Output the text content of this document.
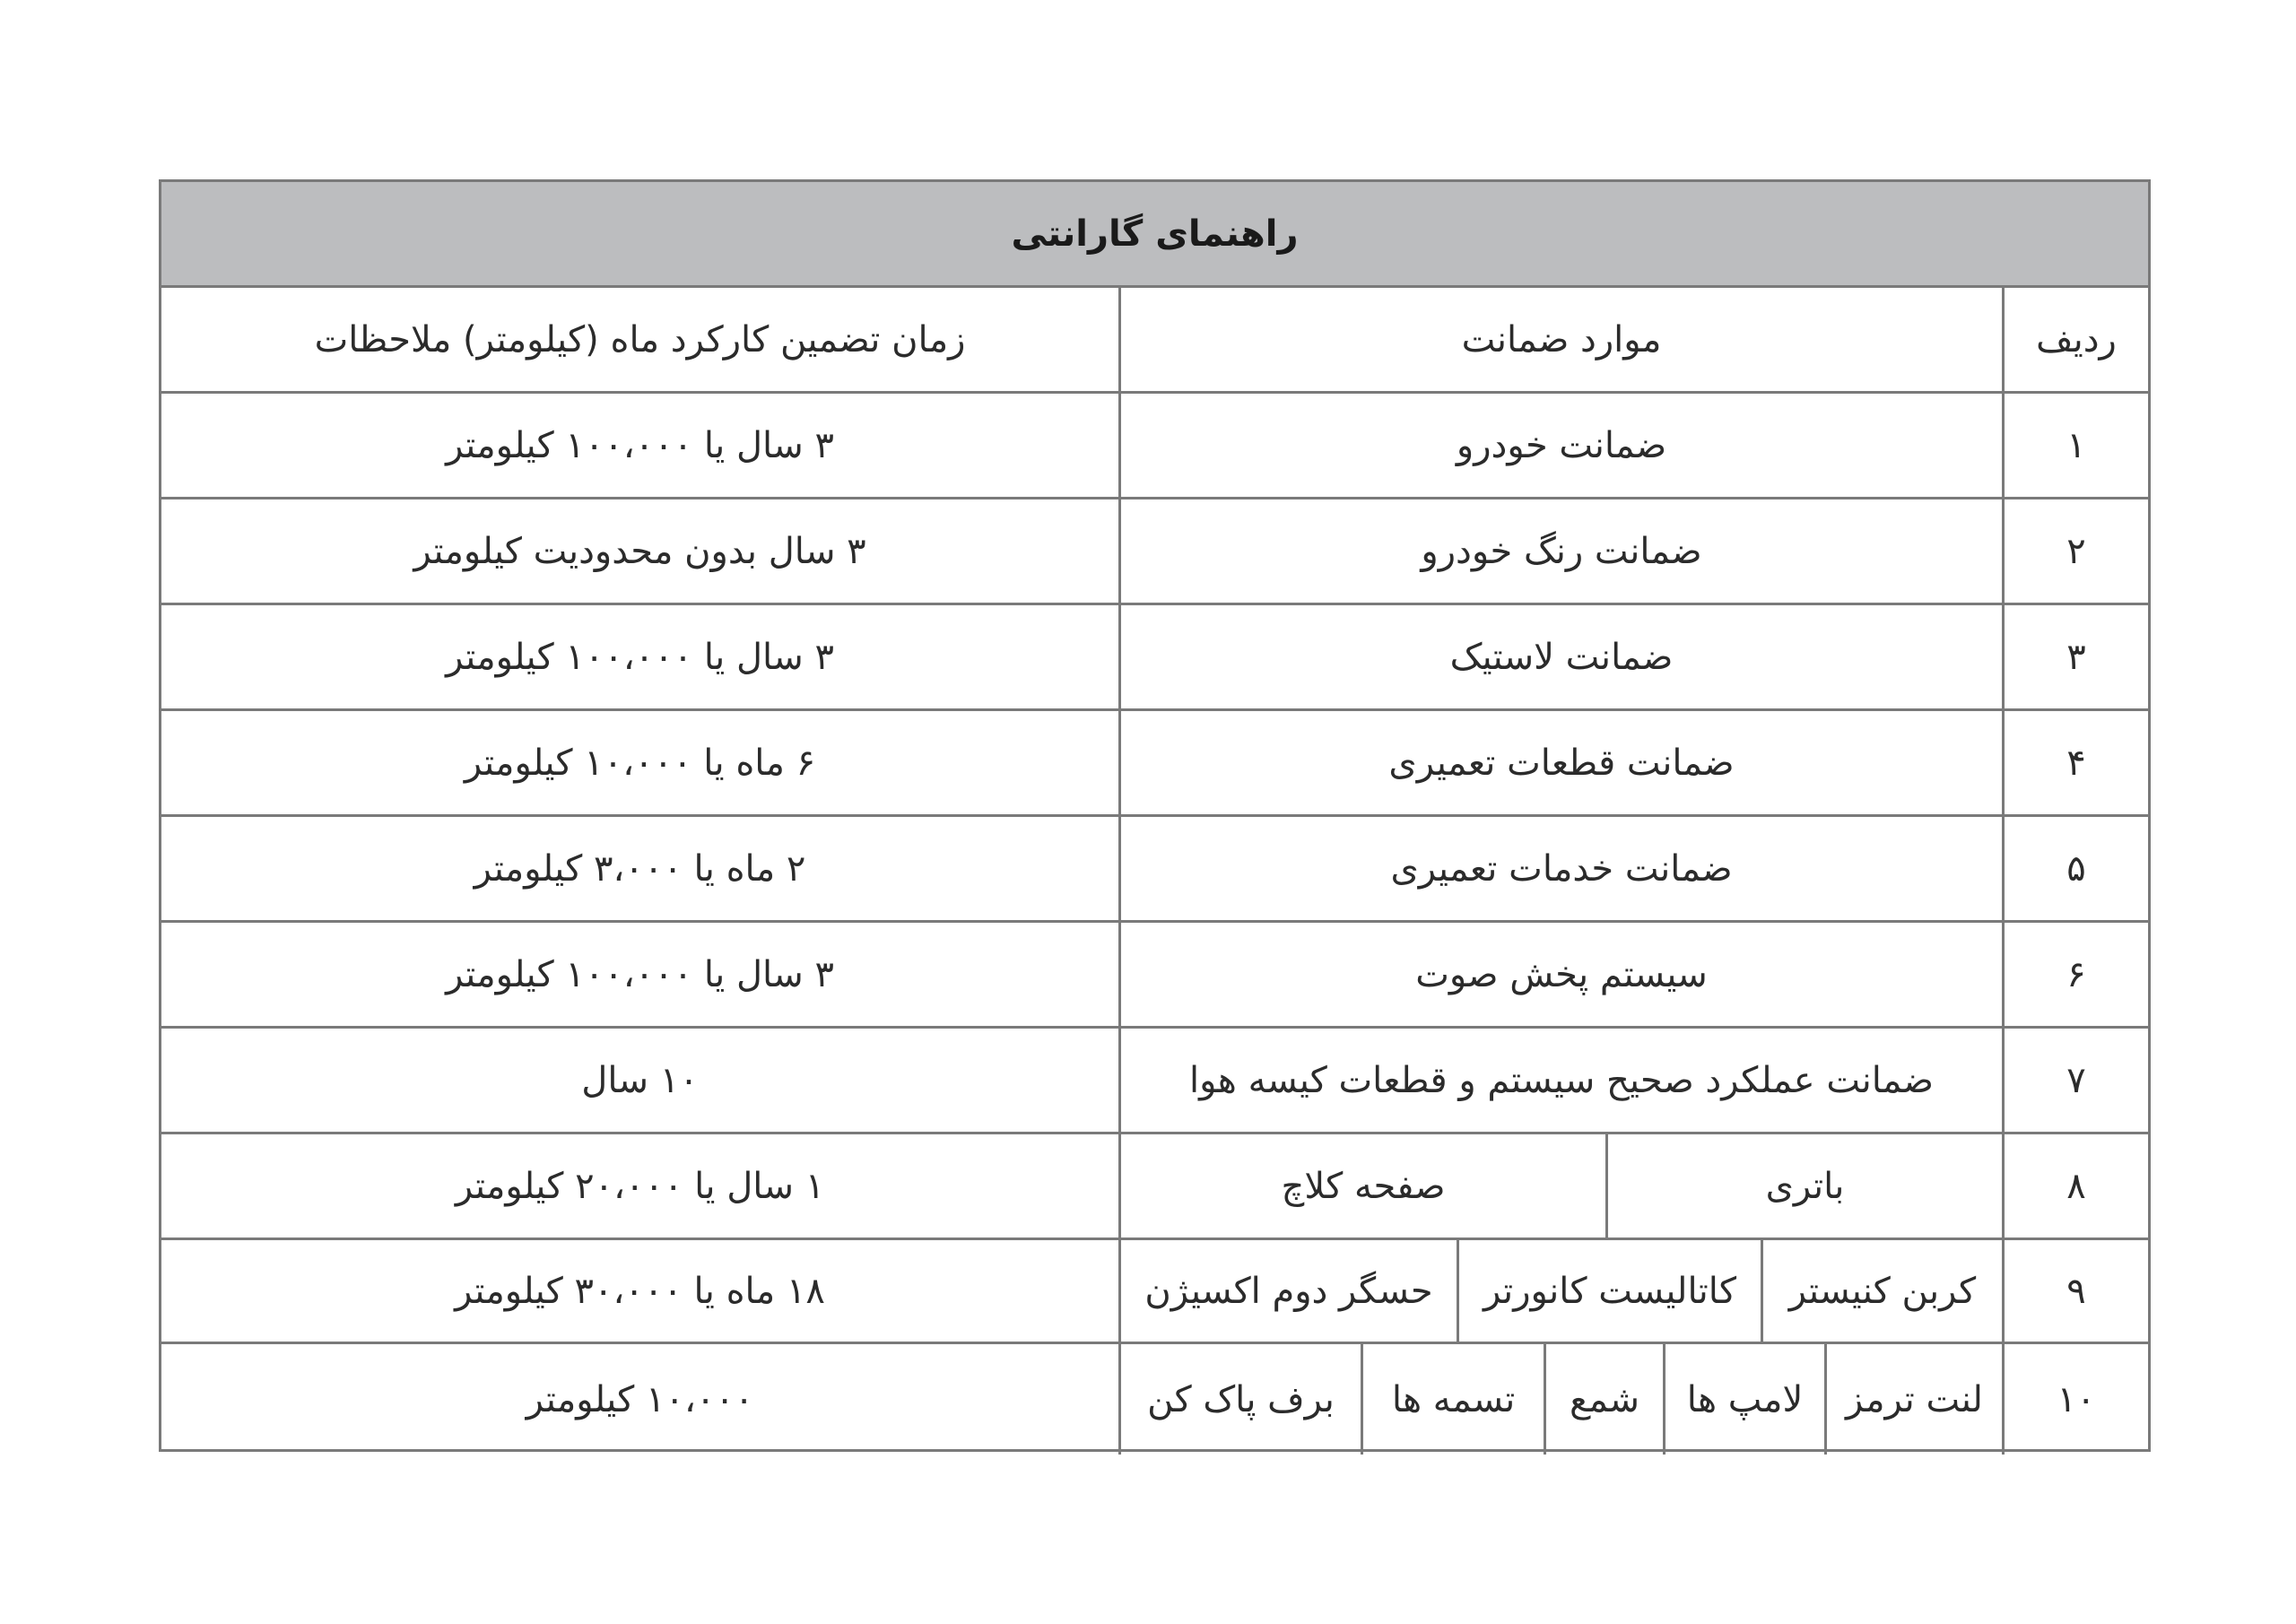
راهنمای گارانتی
ردیف
موارد ضمانت
زمان تضمین کارکرد ماه (کیلومتر) ملاحظات
۱
ضمانت خودرو
۳ سال یا ۱۰۰،۰۰۰ کیلومتر
۲
ضمانت رنگ خودرو
۳ سال بدون محدودیت کیلومتر
۳
ضمانت لاستیک
۳ سال یا ۱۰۰،۰۰۰ کیلومتر
۴
ضمانت قطعات تعمیری
۶ ماه یا ۱۰،۰۰۰ کیلومتر
۵
ضمانت خدمات تعمیری
۲ ماه یا ۳،۰۰۰ کیلومتر
۶
سیستم پخش صوت
۳ سال یا ۱۰۰،۰۰۰ کیلومتر
۷
ضمانت عملکرد صحیح سیستم و قطعات کیسه هوا
۱۰ سال
۸
باتری
صفحه کلاچ
۱ سال یا ۲۰،۰۰۰ کیلومتر
۹
کربن کنیستر
کاتالیست کانورتر
حسگر دوم اکسیژن
۱۸ ماه یا ۳۰،۰۰۰ کیلومتر
۱۰
لنت ترمز
لامپ ها
شمع
تسمه ها
برف پاک کن
۱۰،۰۰۰ کیلومتر
